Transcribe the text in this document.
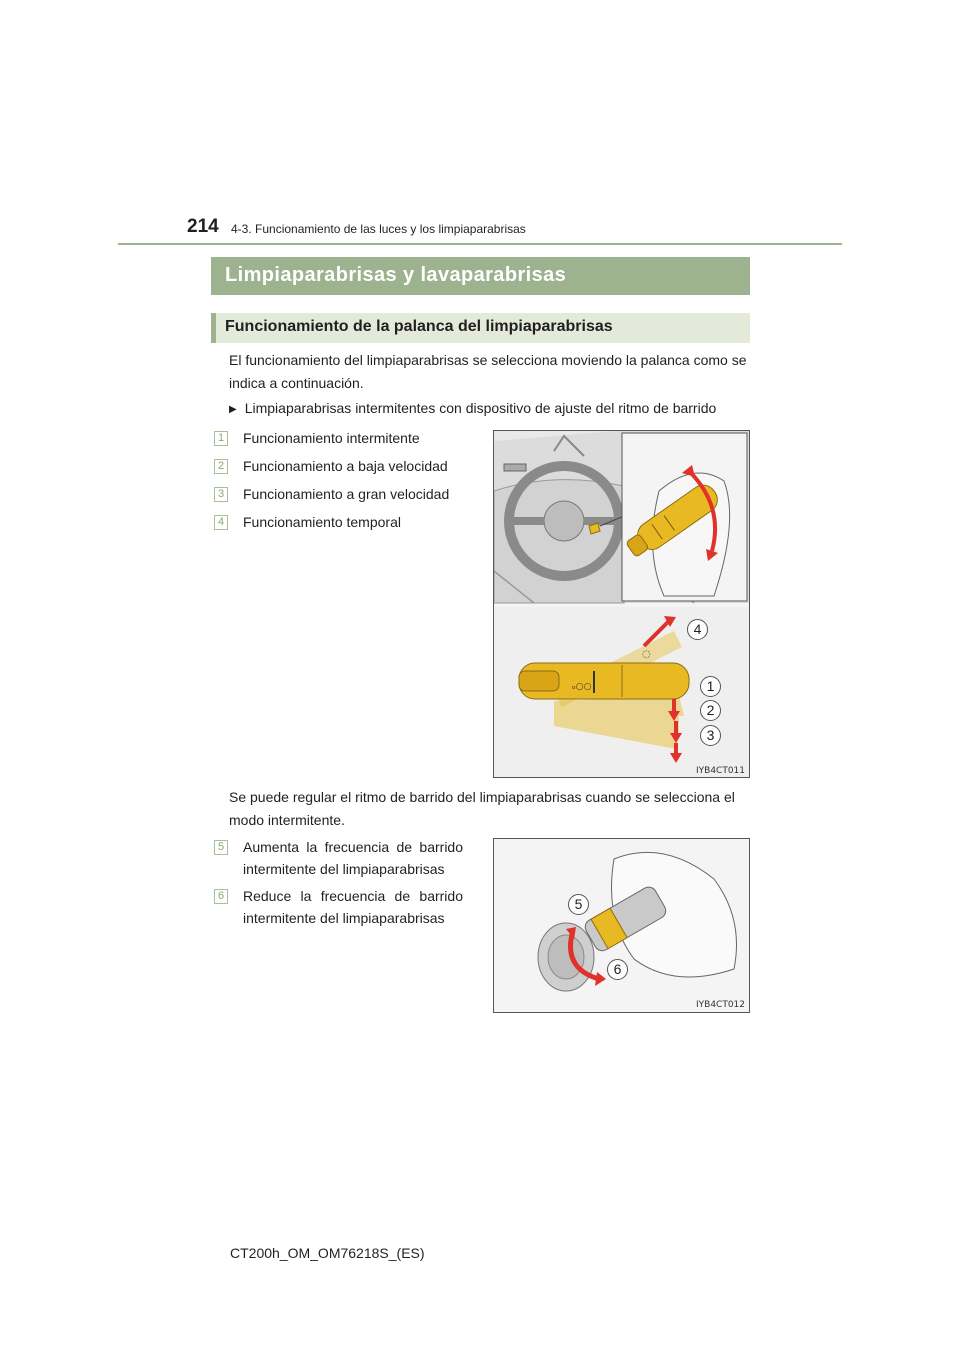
214 4-3. Funcionamiento de las luces y los limpiaparabrisas
Limpiaparabrisas y lavaparabrisas
Funcionamiento de la palanca del limpiaparabrisas
El funcionamiento del limpiaparabrisas se selecciona moviendo la palanca como se indica a continuación.
▶ Limpiaparabrisas intermitentes con dispositivo de ajuste del ritmo de barrido
1 Funcionamiento intermitente
2 Funcionamiento a baja velocidad
3 Funcionamiento a gran velocidad
4 Funcionamiento temporal
ₒ○○
◌
4
1
2
3
IYB4CT011
Se puede regular el ritmo de barrido del limpiaparabrisas cuando se selecciona el modo intermitente.
5 Aumenta la frecuencia de barrido intermitente del limpiaparabrisas
6 Reduce la frecuencia de barrido intermitente del limpiaparabrisas
5
6
IYB4CT012
CT200h_OM_OM76218S_(ES)
